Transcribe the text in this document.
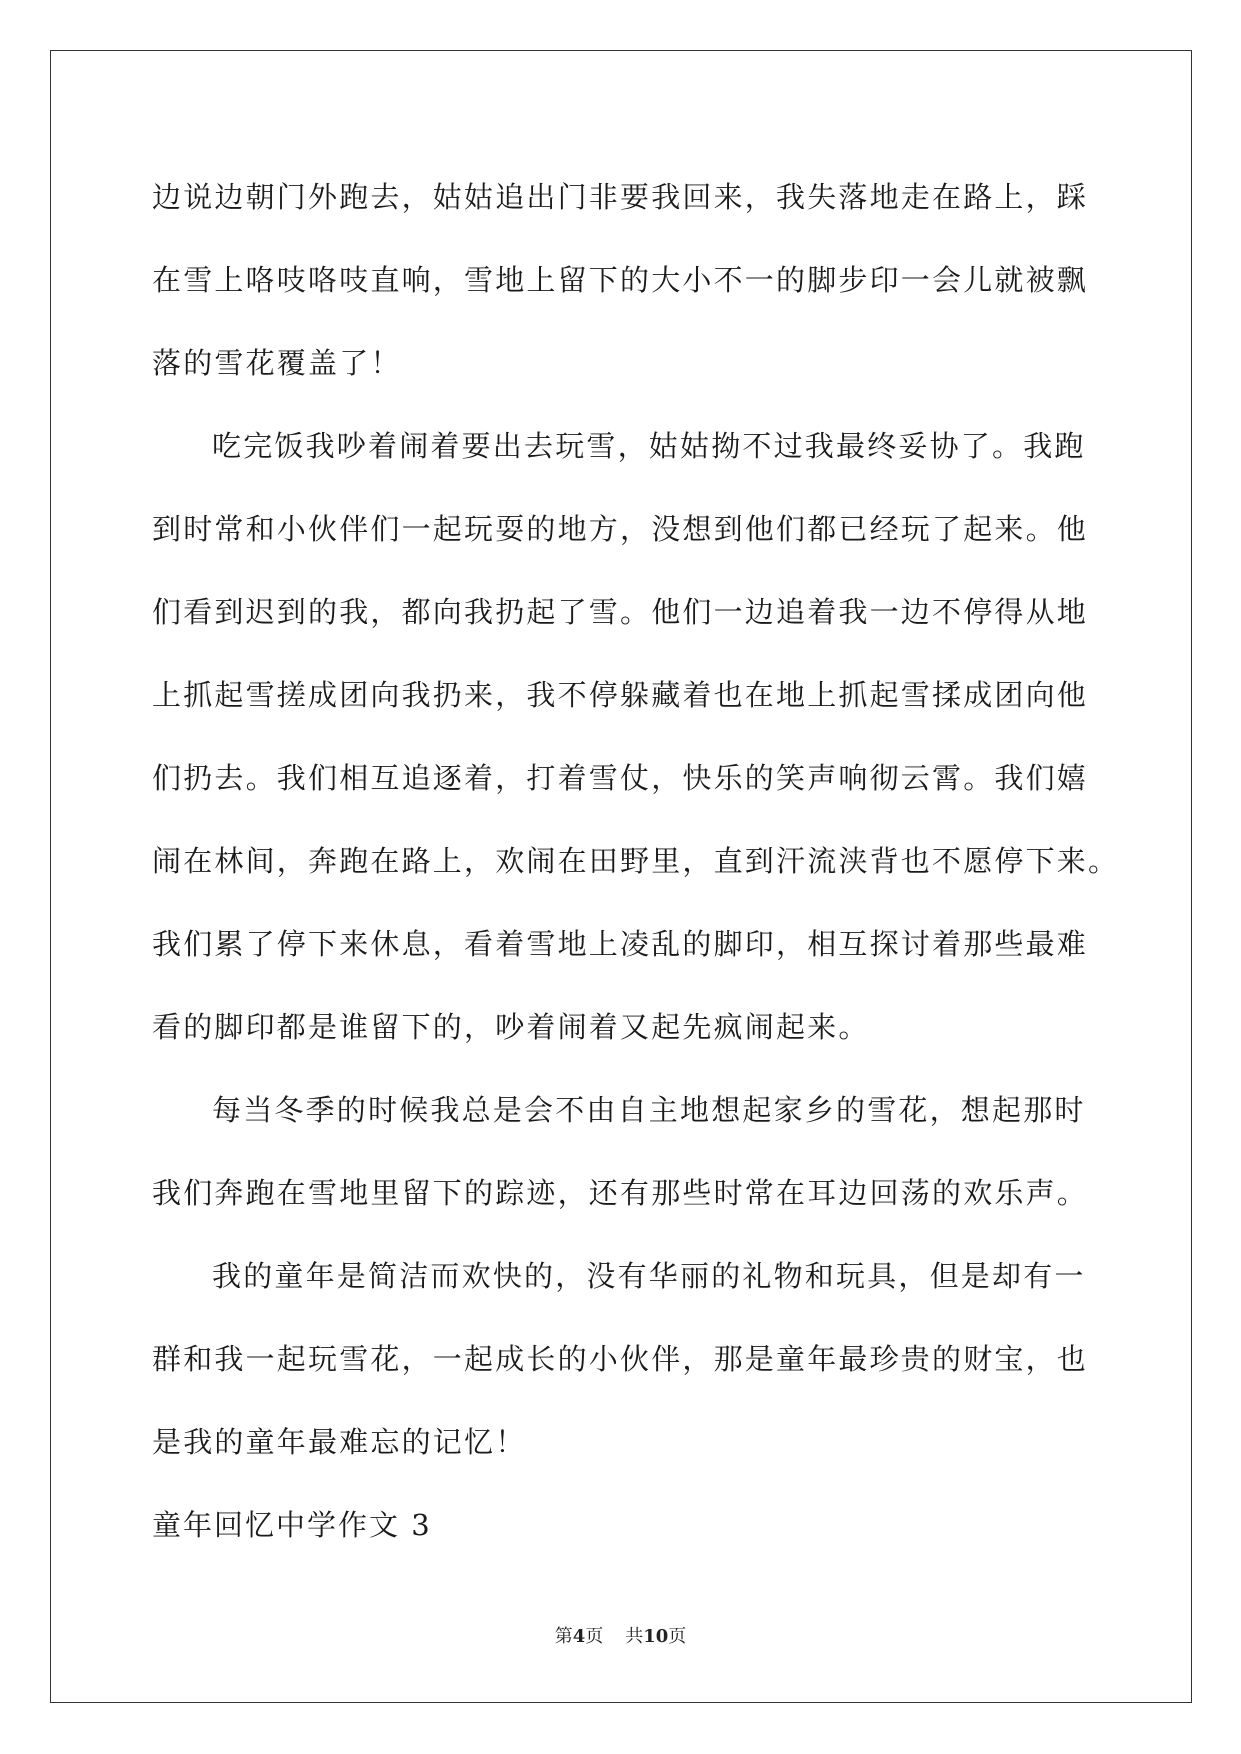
边说边朝门外跑去，姑姑追出门非要我回来，我失落地走在路上，踩
在雪上咯吱咯吱直响，雪地上留下的大小不一的脚步印一会儿就被飘
落的雪花覆盖了！
吃完饭我吵着闹着要出去玩雪，姑姑拗不过我最终妥协了。我跑
到时常和小伙伴们一起玩耍的地方，没想到他们都已经玩了起来。他
们看到迟到的我，都向我扔起了雪。他们一边追着我一边不停得从地
上抓起雪搓成团向我扔来，我不停躲藏着也在地上抓起雪揉成团向他
们扔去。我们相互追逐着，打着雪仗，快乐的笑声响彻云霄。我们嬉
闹在林间，奔跑在路上，欢闹在田野里，直到汗流浃背也不愿停下来。
我们累了停下来休息，看着雪地上凌乱的脚印，相互探讨着那些最难
看的脚印都是谁留下的，吵着闹着又起先疯闹起来。
每当冬季的时候我总是会不由自主地想起家乡的雪花，想起那时
我们奔跑在雪地里留下的踪迹，还有那些时常在耳边回荡的欢乐声。
我的童年是简洁而欢快的，没有华丽的礼物和玩具，但是却有一
群和我一起玩雪花，一起成长的小伙伴，那是童年最珍贵的财宝，也
是我的童年最难忘的记忆！
童年回忆中学作文 3
第4页 共10页
